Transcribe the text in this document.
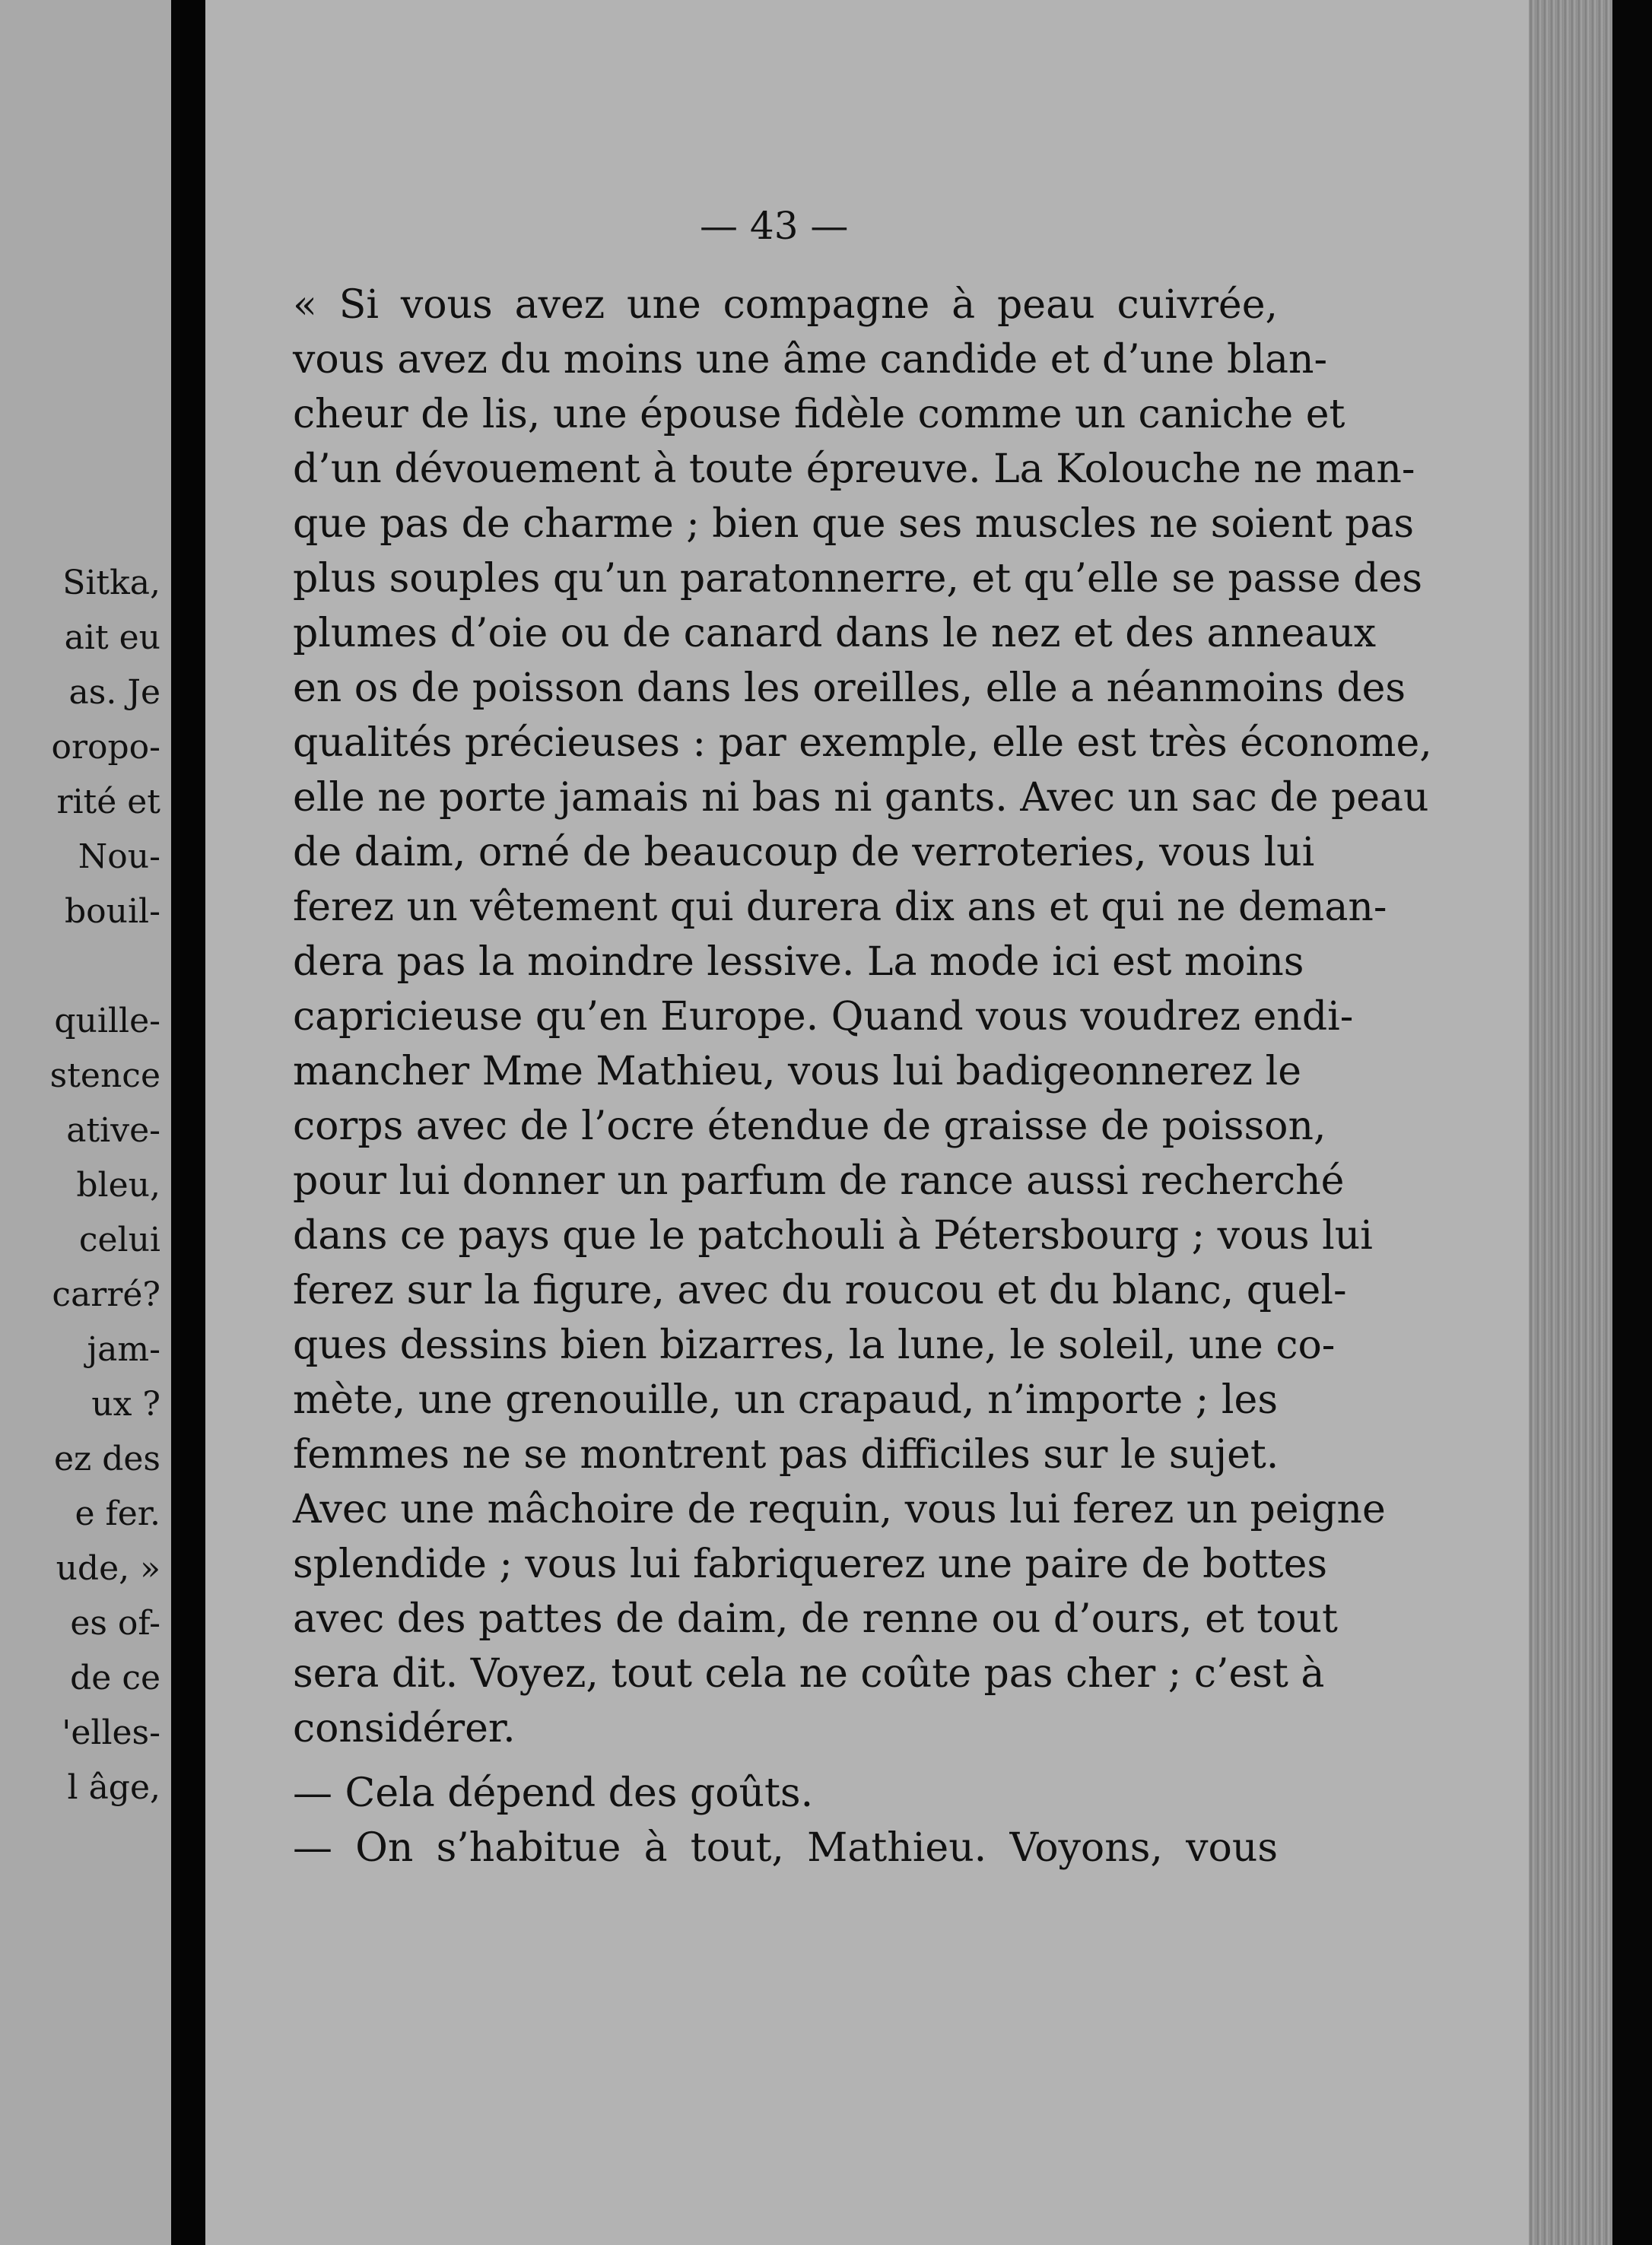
Sitka,
ait eu
as. Je
oropo-
rité et
Nou-
bouil-
quille-
stence
ative-
bleu,
celui
carré?
jam-
ux ?
ez des
e fer.
ude, »
es of-
de ce
'elles-
l âge,
— 43 —
« Si vous avez une compagne à peau cuivrée,
vous avez du moins une âme candide et d’une blan-
cheur de lis, une épouse fidèle comme un caniche et
d’un dévouement à toute épreuve. La Kolouche ne man-
que pas de charme ; bien que ses muscles ne soient pas
plus souples qu’un paratonnerre, et qu’elle se passe des
plumes d’oie ou de canard dans le nez et des anneaux
en os de poisson dans les oreilles, elle a néanmoins des
qualités précieuses : par exemple, elle est très économe,
elle ne porte jamais ni bas ni gants. Avec un sac de peau
de daim, orné de beaucoup de verroteries, vous lui
ferez un vêtement qui durera dix ans et qui ne deman-
dera pas la moindre lessive. La mode ici est moins
capricieuse qu’en Europe. Quand vous voudrez endi-
mancher Mme Mathieu, vous lui badigeonnerez le
corps avec de l’ocre étendue de graisse de poisson,
pour lui donner un parfum de rance aussi recherché
dans ce pays que le patchouli à Pétersbourg ; vous lui
ferez sur la figure, avec du roucou et du blanc, quel-
ques dessins bien bizarres, la lune, le soleil, une co-
mète, une grenouille, un crapaud, n’importe ; les
femmes ne se montrent pas difficiles sur le sujet.
Avec une mâchoire de requin, vous lui ferez un peigne
splendide ; vous lui fabriquerez une paire de bottes
avec des pattes de daim, de renne ou d’ours, et tout
sera dit. Voyez, tout cela ne coûte pas cher ; c’est à
considérer.
— Cela dépend des goûts.
— On s’habitue à tout, Mathieu. Voyons, vous
